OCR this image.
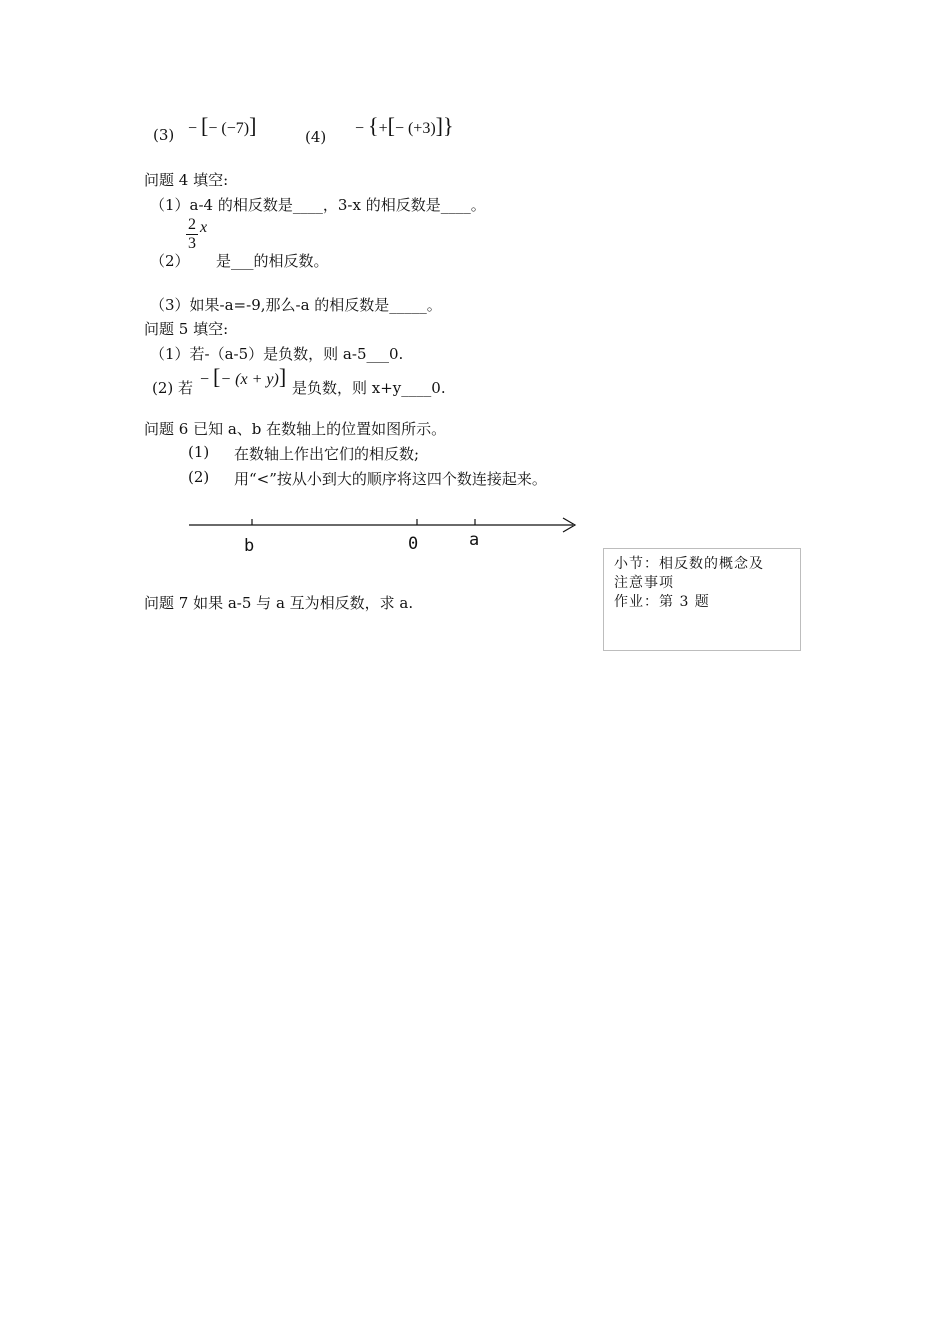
(3) − [− (−7)]	(4) − {+[− (+3)]}
问题 4 填空:
（1）a-4 的相反数是____，3-x 的相反数是____。
（2）
$\frac{2}{3}$ x
是___的相反数。
（3）如果-a=-9,那么-a 的相反数是_____。
问题 5 填空:
（1）若-（a-5）是负数，则 a-5___0.
(2) 若 − [− (x + y)] 是负数，则 x+y____0.
问题 6 已知 a、b 在数轴上的位置如图所示。
(1) 在数轴上作出它们的相反数;
(2) 用“<”按从小到大的顺序将这四个数连接起来。
b	0	a
问题 7 如果 a-5 与 a 互为相反数，求 a.
小节：相反数的概念及
注意事项
作业：第 3 题
